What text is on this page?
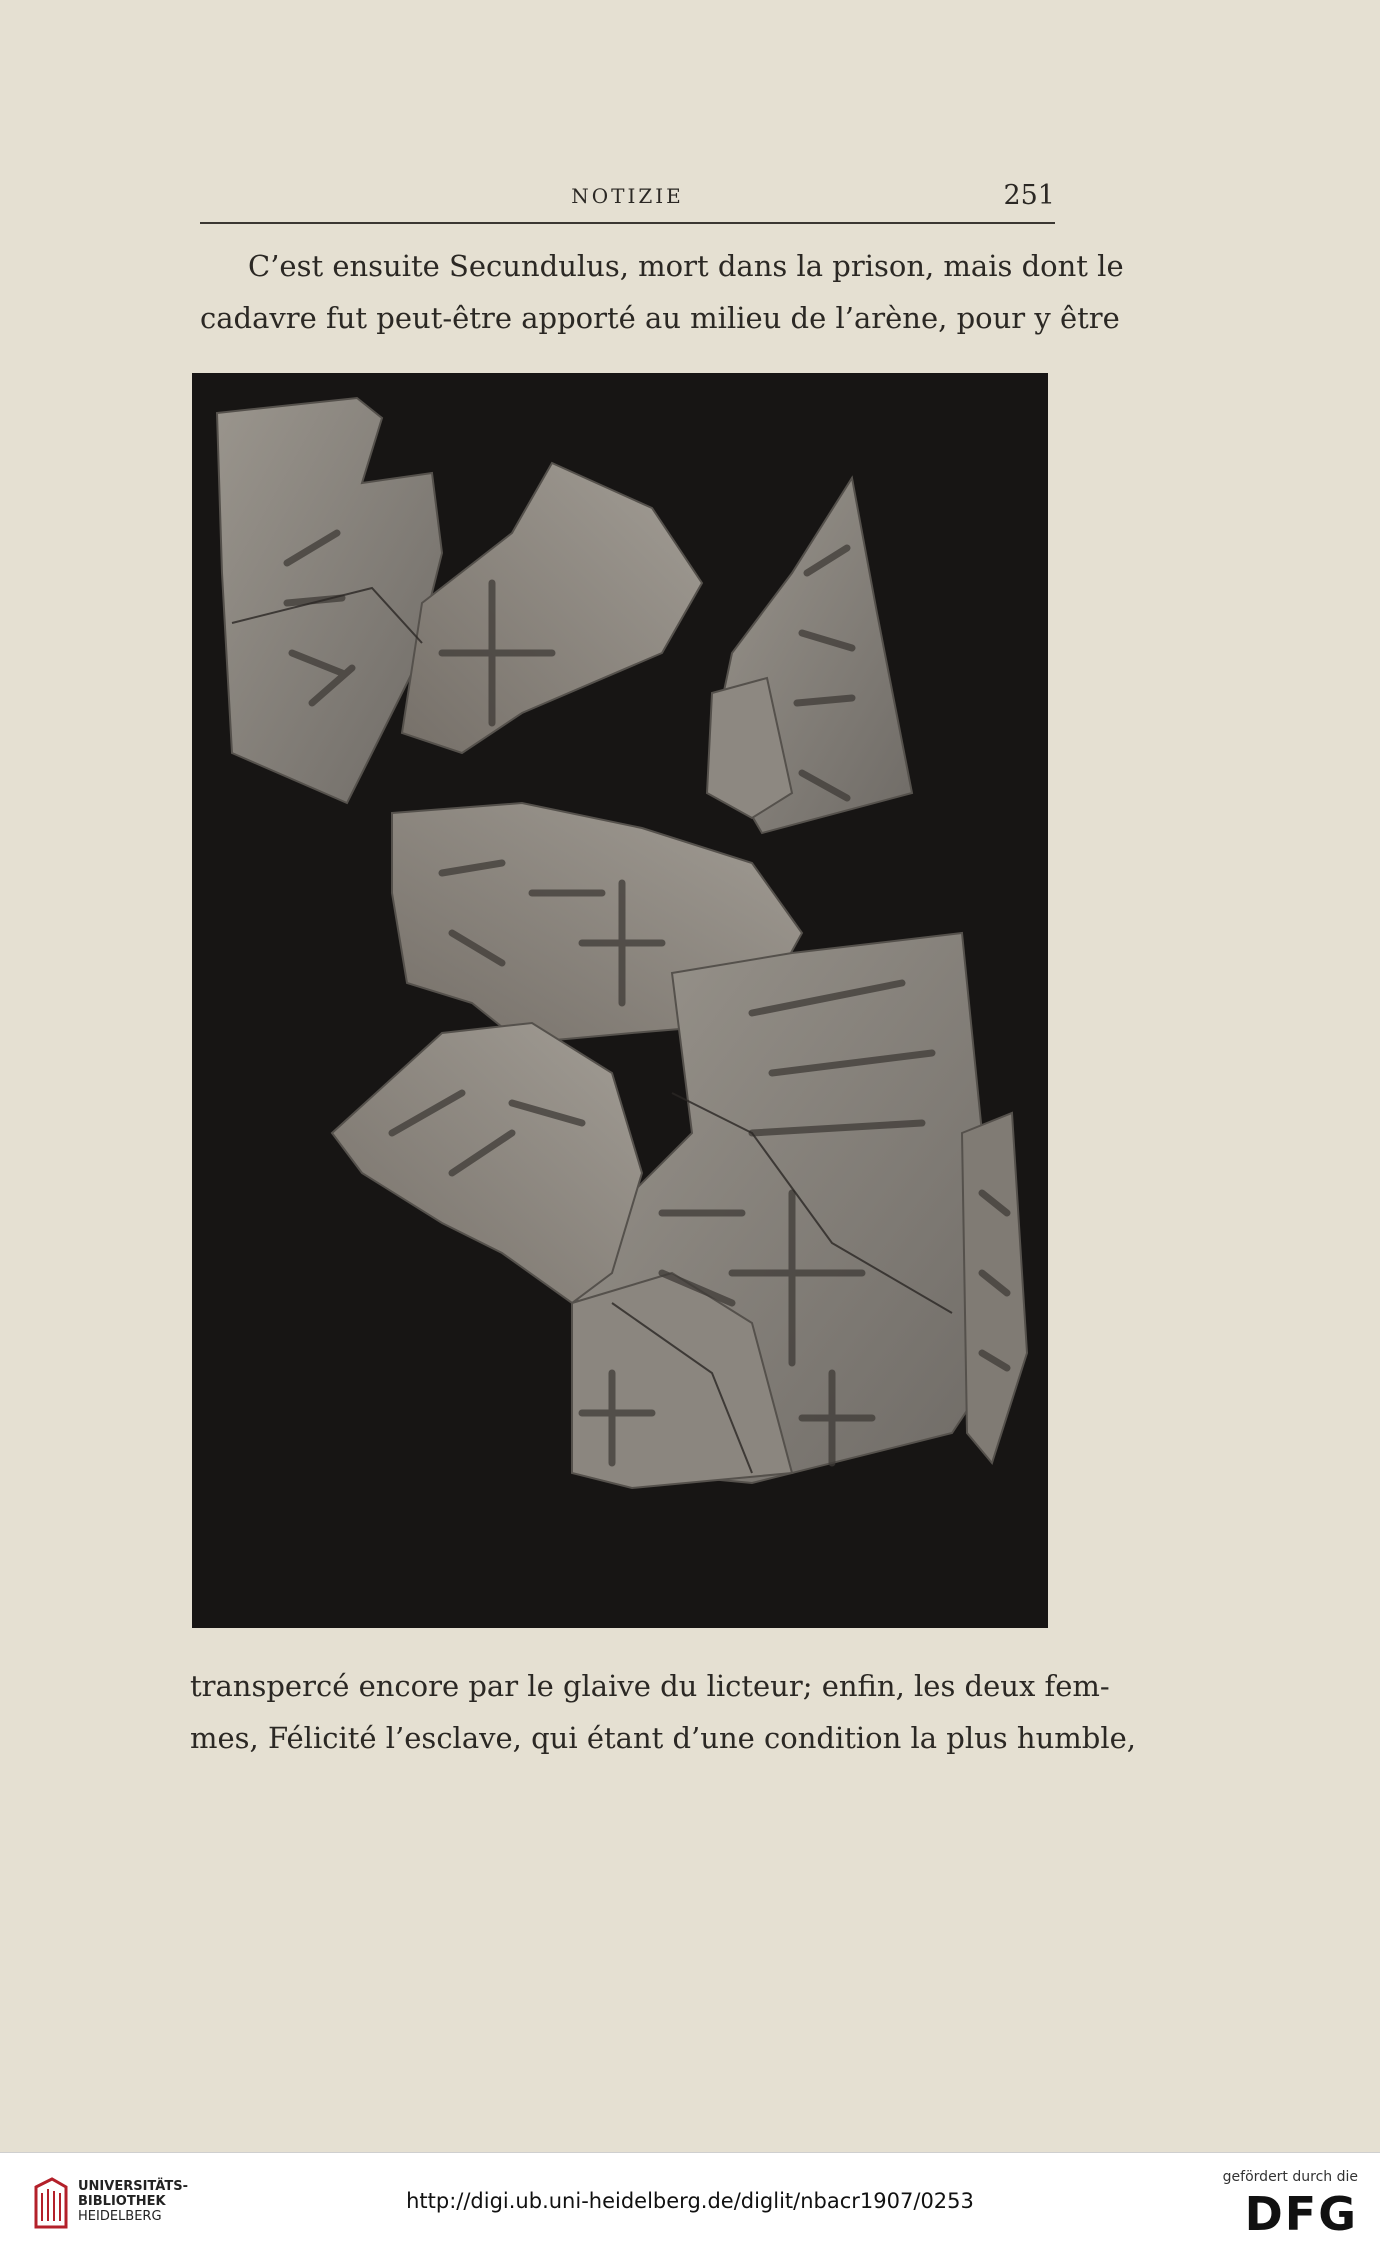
NOTIZIE	251
C’est ensuite Secundulus, mort dans la prison, mais dont le
cadavre fut peut-être apporté au milieu de l’arène, pour y être
transpercé encore par le glaive du licteur; enfin, les deux fem-
mes, Félicité l’esclave, qui étant d’une condition la plus humble,
UNIVERSITÄTS-
BIBLIOTHEK
HEIDELBERG
http://digi.ub.uni-heidelberg.de/diglit/nbacr1907/0253
gefördert durch die
DFG
